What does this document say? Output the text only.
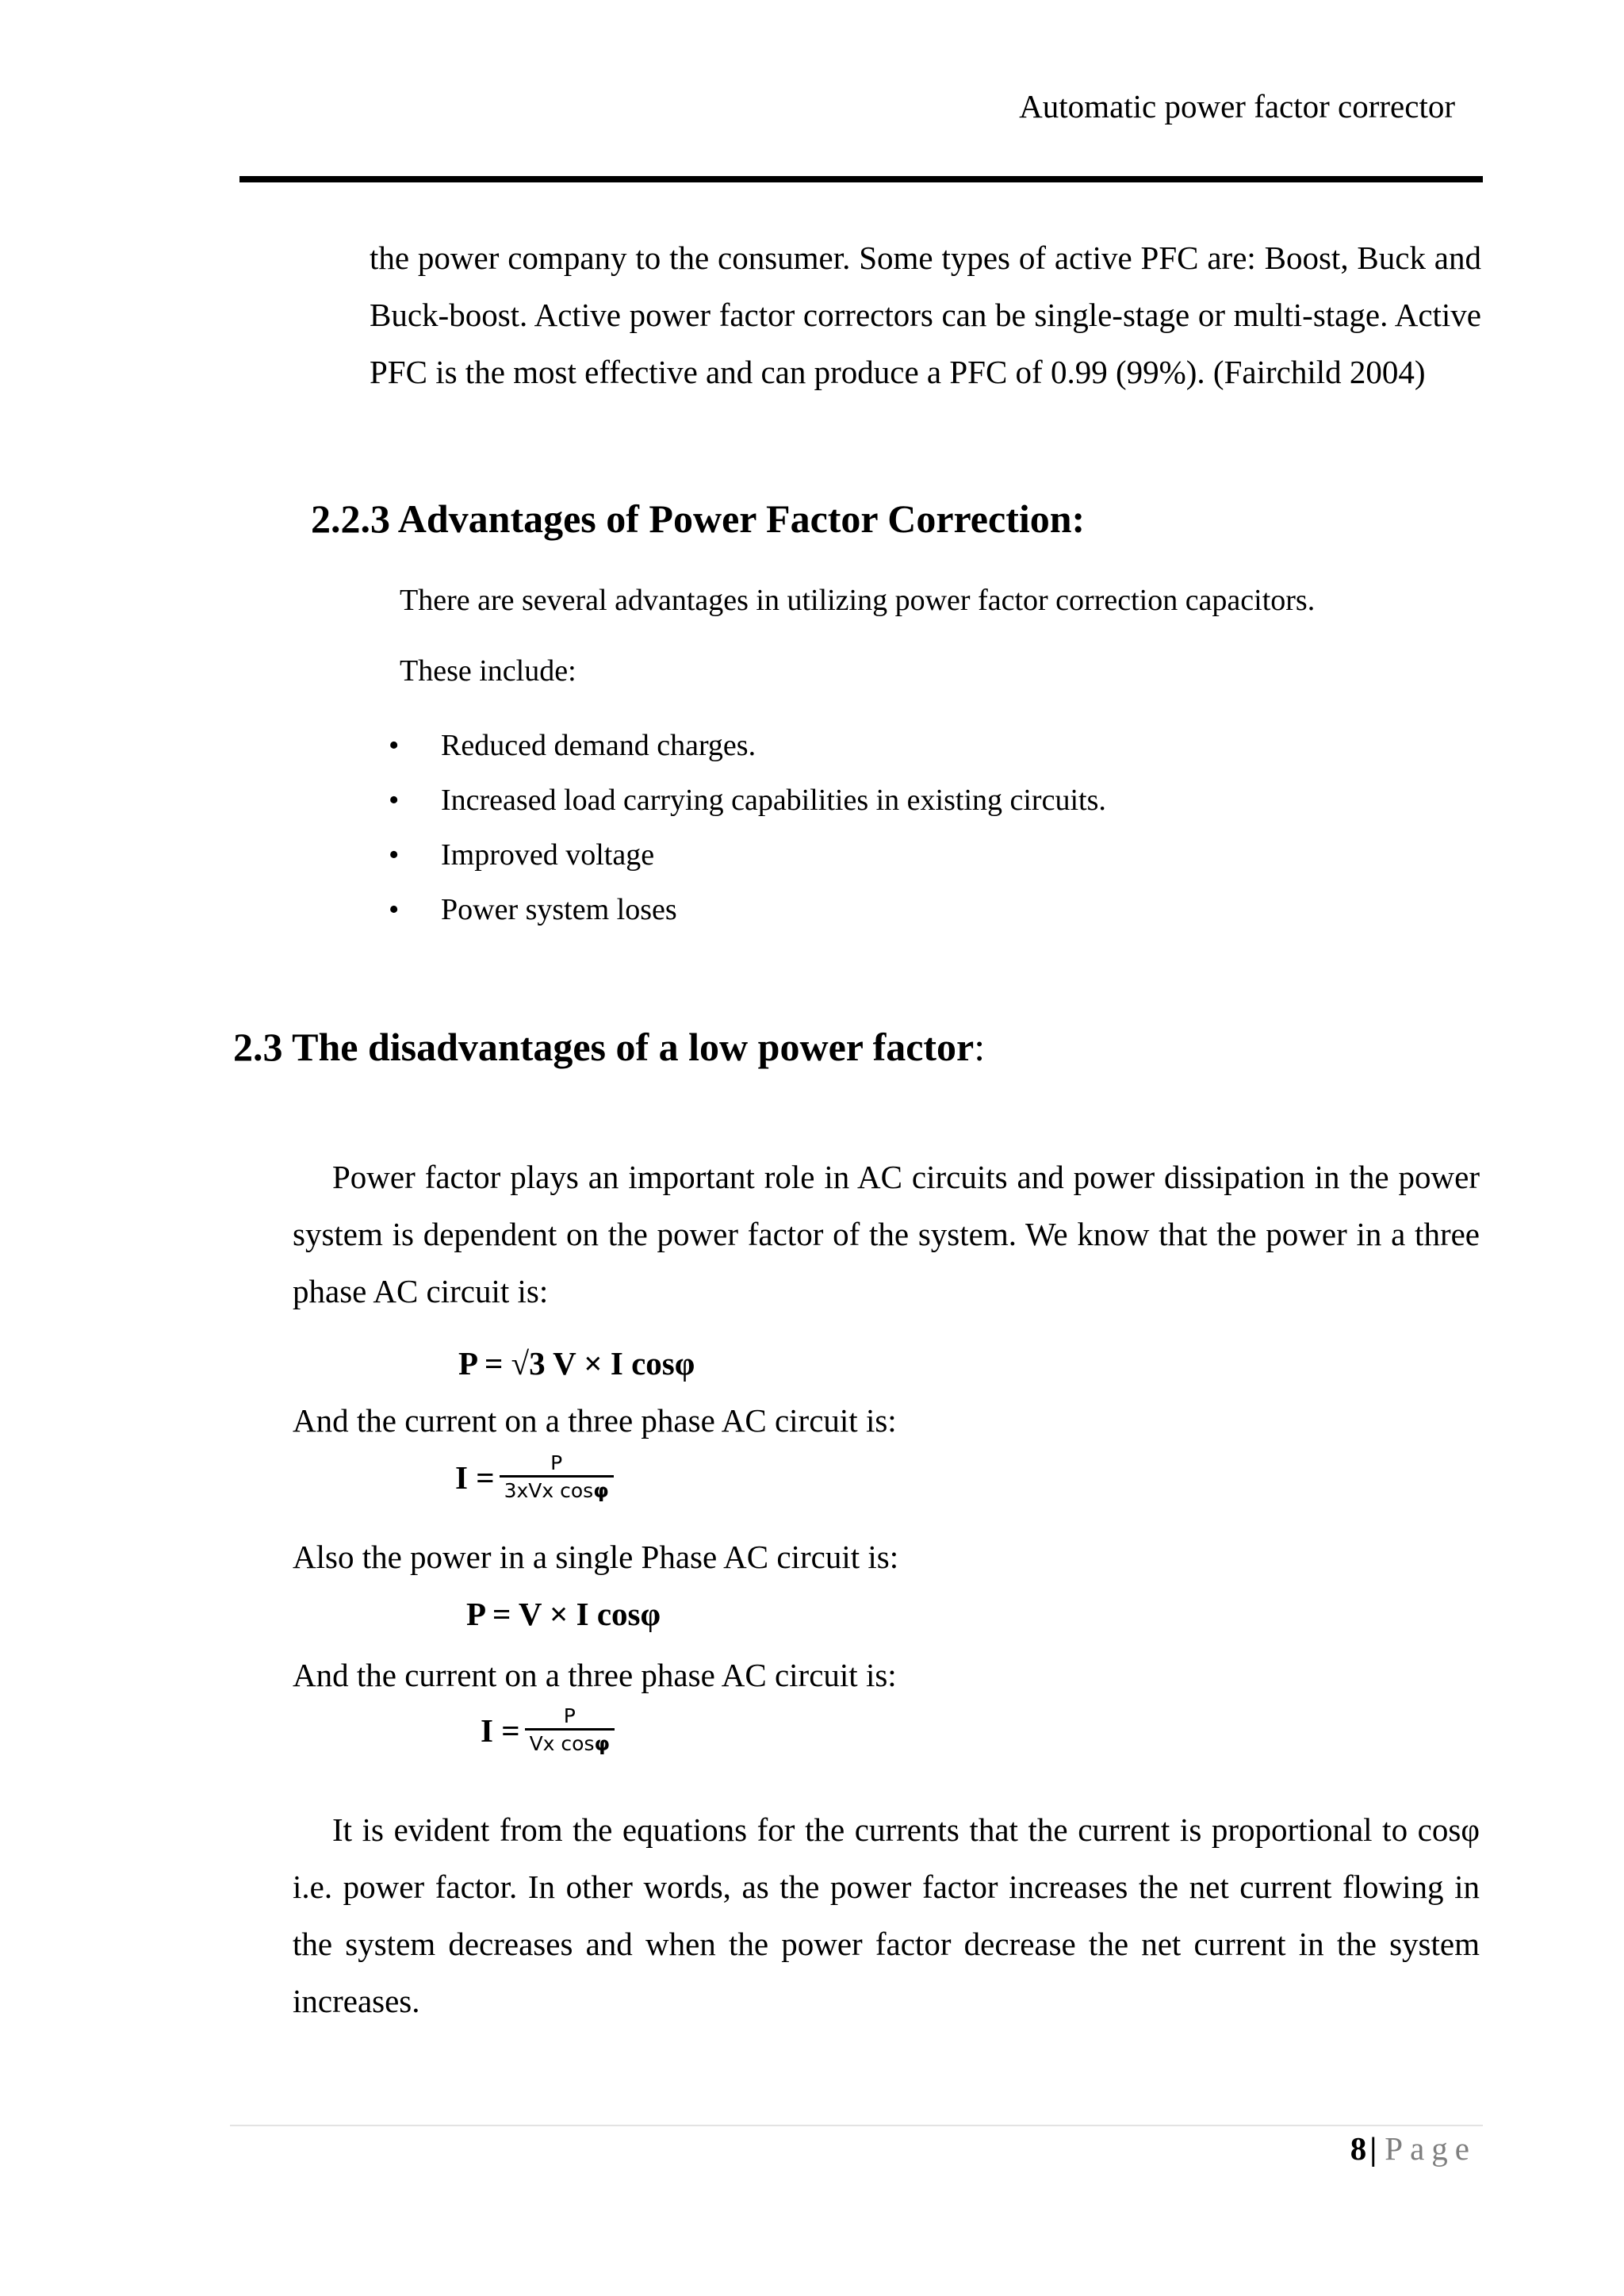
Automatic power factor corrector

the power company to the consumer. Some types of active PFC are: Boost, Buck and Buck-boost. Active power factor correctors can be single-stage or multi-stage. Active PFC is the most effective and can produce a PFC of 0.99 (99%). (Fairchild 2004)

2.2.3 Advantages of Power Factor Correction:
There are several advantages in utilizing power factor correction capacitors.
These include:
• Reduced demand charges.
• Increased load carrying capabilities in existing circuits.
• Improved voltage
• Power system loses
2.3 The disadvantages of a low power factor:

Power factor plays an important role in AC circuits and power dissipation in the power system is dependent on the power factor of the system. We know that the power in a three phase AC circuit is:

P = √3 V × I cosφ
And the current on a three phase AC circuit is:
$I = \frac{P}{\text{3xVx cosφ}}$
Also the power in a single Phase AC circuit is:
P = V × I cosφ
And the current on a three phase AC circuit is:
$I = \frac{P}{\text{Vx cosφ}}$

It is evident from the equations for the currents that the current is proportional to cosφ i.e. power factor. In other words, as the power factor increases the net current flowing in the system decreases and when the power factor decrease the net current in the system increases.

8| Page
